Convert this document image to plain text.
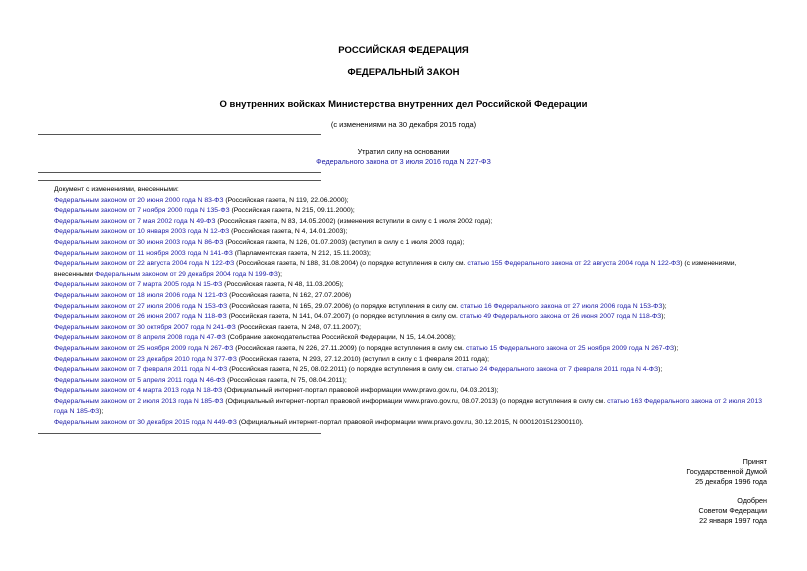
РОССИЙСКАЯ ФЕДЕРАЦИЯ
ФЕДЕРАЛЬНЫЙ ЗАКОН
О внутренних войсках Министерства внутренних дел Российской Федерации
(с изменениями на 30 декабря 2015 года)
Утратил силу на основании
Федерального закона от 3 июля 2016 года N 227-ФЗ
Документ с изменениями, внесенными:
Федеральным законом от 20 июня 2000 года N 83-ФЗ (Российская газета, N 119, 22.06.2000);
Федеральным законом от 7 ноября 2000 года N 135-ФЗ (Российская газета, N 215, 09.11.2000);
Федеральным законом от 7 мая 2002 года N 49-ФЗ (Российская газета, N 83, 14.05.2002) (изменения вступили в силу с 1 июля 2002 года);
Федеральным законом от 10 января 2003 года N 12-ФЗ (Российская газета, N 4, 14.01.2003);
Федеральным законом от 30 июня 2003 года N 86-ФЗ (Российская газета, N 126, 01.07.2003) (вступил в силу с 1 июля 2003 года);
Федеральным законом от 11 ноября 2003 года N 141-ФЗ (Парламентская газета, N 212, 15.11.2003);
Федеральным законом от 22 августа 2004 года N 122-ФЗ (Российская газета, N 188, 31.08.2004) (о порядке вступления в силу см. статью 155 Федерального закона от 22 августа 2004 года N 122-ФЗ) (с изменениями, внесенными Федеральным законом от 29 декабря 2004 года N 199-ФЗ);
Федеральным законом от 7 марта 2005 года N 15-ФЗ (Российская газета, N 48, 11.03.2005);
Федеральным законом от 18 июля 2006 года N 121-ФЗ (Российская газета, N 162, 27.07.2006)
Федеральным законом от 27 июля 2006 года N 153-ФЗ (Российская газета, N 165, 29.07.2006) (о порядке вступления в силу см. статью 16 Федерального закона от 27 июля 2006 года N 153-ФЗ);
Федеральным законом от 26 июня 2007 года N 118-ФЗ (Российская газета, N 141, 04.07.2007) (о порядке вступления в силу см. статью 49 Федерального закона от 26 июня 2007 года N 118-ФЗ);
Федеральным законом от 30 октября 2007 года N 241-ФЗ (Российская газета, N 248, 07.11.2007);
Федеральным законом от 8 апреля 2008 года N 47-ФЗ (Собрание законодательства Российской Федерации, N 15, 14.04.2008);
Федеральным законом от 25 ноября 2009 года N 267-ФЗ (Российская газета, N 226, 27.11.2009) (о порядке вступления в силу см. статью 15 Федерального закона от 25 ноября 2009 года N 267-ФЗ);
Федеральным законом от 23 декабря 2010 года N 377-ФЗ (Российская газета, N 293, 27.12.2010) (вступил в силу с 1 февраля 2011 года);
Федеральным законом от 7 февраля 2011 года N 4-ФЗ (Российская газета, N 25, 08.02.2011) (о порядке вступления в силу см. статью 24 Федерального закона от 7 февраля 2011 года N 4-ФЗ);
Федеральным законом от 5 апреля 2011 года N 46-ФЗ (Российская газета, N 75, 08.04.2011);
Федеральным законом от 4 марта 2013 года N 18-ФЗ (Официальный интернет-портал правовой информации www.pravo.gov.ru, 04.03.2013);
Федеральным законом от 2 июля 2013 года N 185-ФЗ (Официальный интернет-портал правовой информации www.pravo.gov.ru, 08.07.2013) (о порядке вступления в силу см. статью 163 Федерального закона от 2 июля 2013 года N 185-ФЗ);
Федеральным законом от 30 декабря 2015 года N 449-ФЗ (Официальный интернет-портал правовой информации www.pravo.gov.ru, 30.12.2015, N 0001201512300110).
Принят
Государственной Думой
25 декабря 1996 года
Одобрен
Советом Федерации
22 января 1997 года
